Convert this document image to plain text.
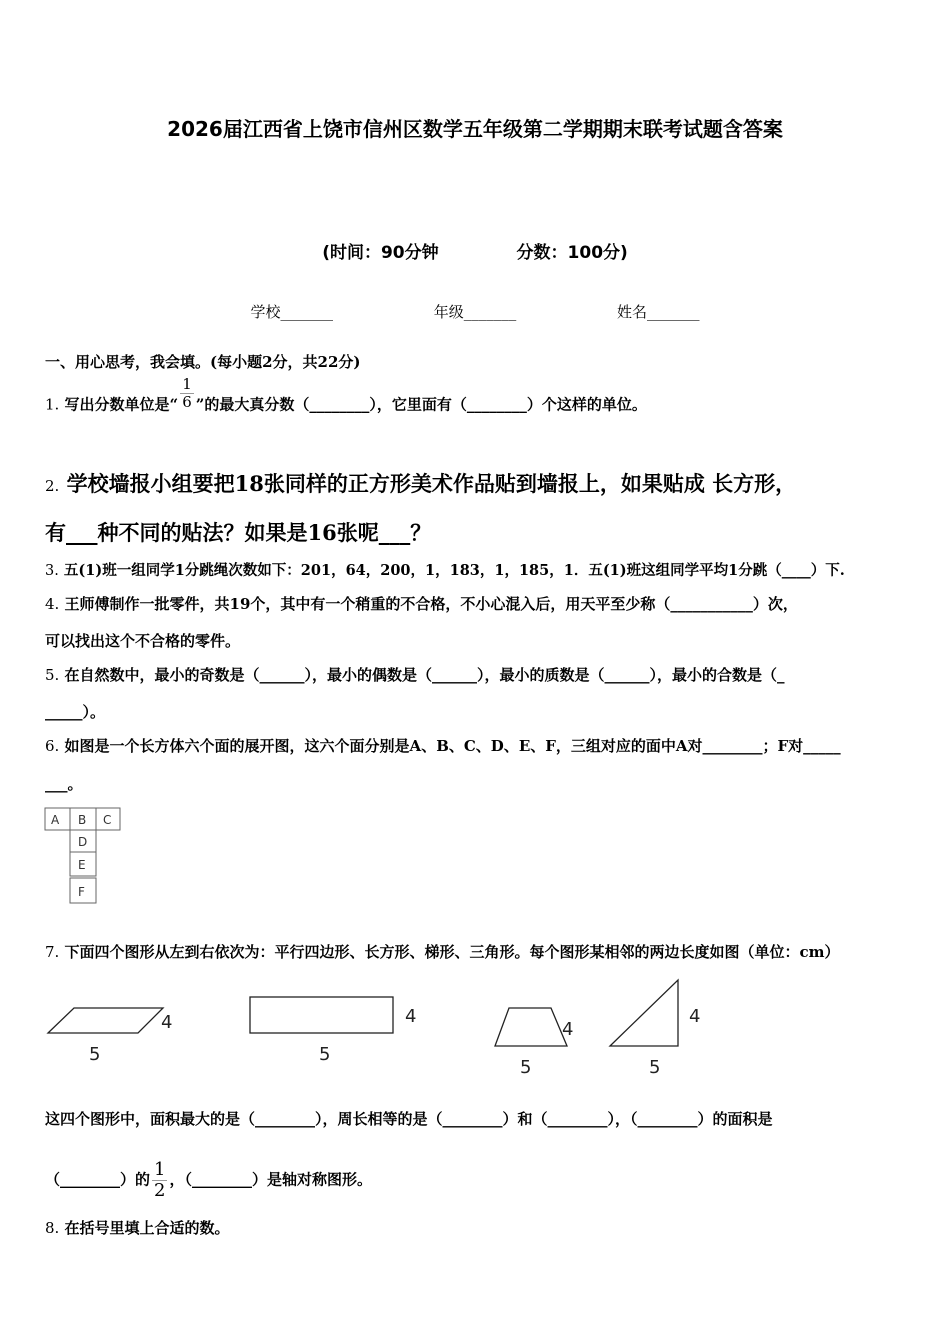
2026届江西省上饶市信州区数学五年级第二学期期末联考试题含答案
(时间：90分钟	分数：100分)
学校_______	年级_______	姓名_______
一、用心思考，我会填。(每小题2分，共22分)
1. 写出分数单位是“ $\frac{1}{6}$ ”的最大真分数（________），它里面有（________）个这样的单位。
2. 学校墙报小组要把18张同样的正方形美术作品贴到墙报上，如果贴成 长方形，
有___种不同的贴法？如果是16张呢___？
3. 五(1)班一组同学1分跳绳次数如下：201，64，200，1，183，1，185，1．五(1)班这组同学平均1分跳（____）下.
4. 王师傅制作一批零件，共19个，其中有一个稍重的不合格，不小心混入后，用天平至少称（___________）次，
可以找出这个不合格的零件。
5. 在自然数中，最小的奇数是（______），最小的偶数是（______），最小的质数是（______），最小的合数是（_
_____）。
6. 如图是一个长方体六个面的展开图，这六个面分别是A、B、C、D、E、F，三组对应的面中A对________；F对_____
___。
A B C
D
E
F
4
5
4
5
4
5
4
5
7. 下面四个图形从左到右依次为：平行四边形、长方形、梯形、三角形。每个图形某相邻的两边长度如图（单位：cm）
这四个图形中，面积最大的是（________），周长相等的是（________）和（________），（________）的面积是
（________）的 $\frac{1}{2}$ ，（________）是轴对称图形。
8. 在括号里填上合适的数。
